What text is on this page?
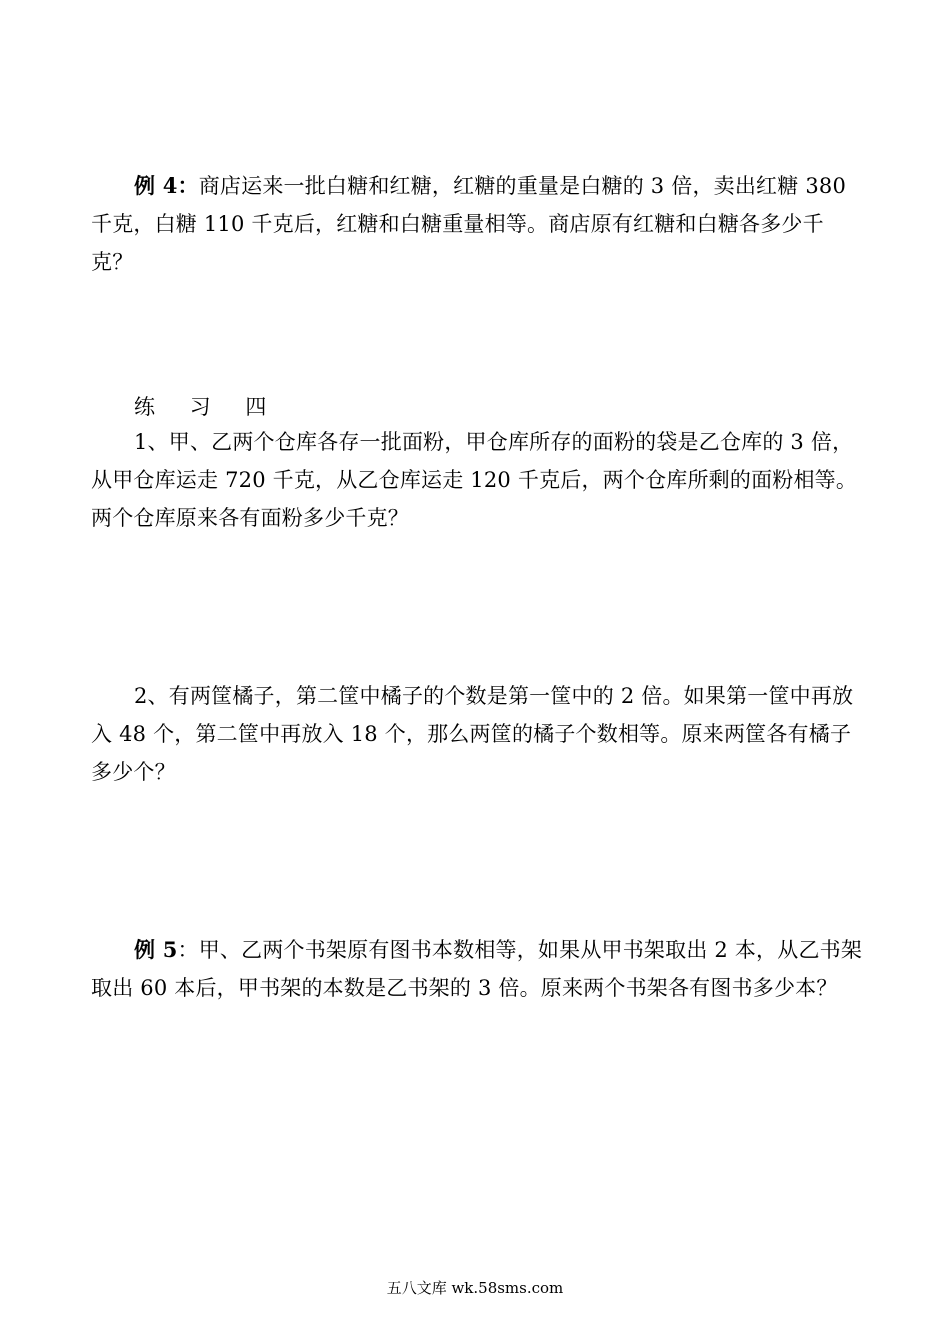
例 4：商店运来一批白糖和红糖，红糖的重量是白糖的 3 倍，卖出红糖 380 千克，白糖 110 千克后，红糖和白糖重量相等。商店原有红糖和白糖各多少千克？

练 习 四

1、甲、乙两个仓库各存一批面粉，甲仓库所存的面粉的袋是乙仓库的 3 倍，从甲仓库运走 720 千克，从乙仓库运走 120 千克后，两个仓库所剩的面粉相等。两个仓库原来各有面粉多少千克？

2、有两筐橘子，第二筐中橘子的个数是第一筐中的 2 倍。如果第一筐中再放入 48 个，第二筐中再放入 18 个，那么两筐的橘子个数相等。原来两筐各有橘子多少个？

例 5：甲、乙两个书架原有图书本数相等，如果从甲书架取出 2 本，从乙书架取出 60 本后，甲书架的本数是乙书架的 3 倍。原来两个书架各有图书多少本？

五八文库 wk.58sms.com
